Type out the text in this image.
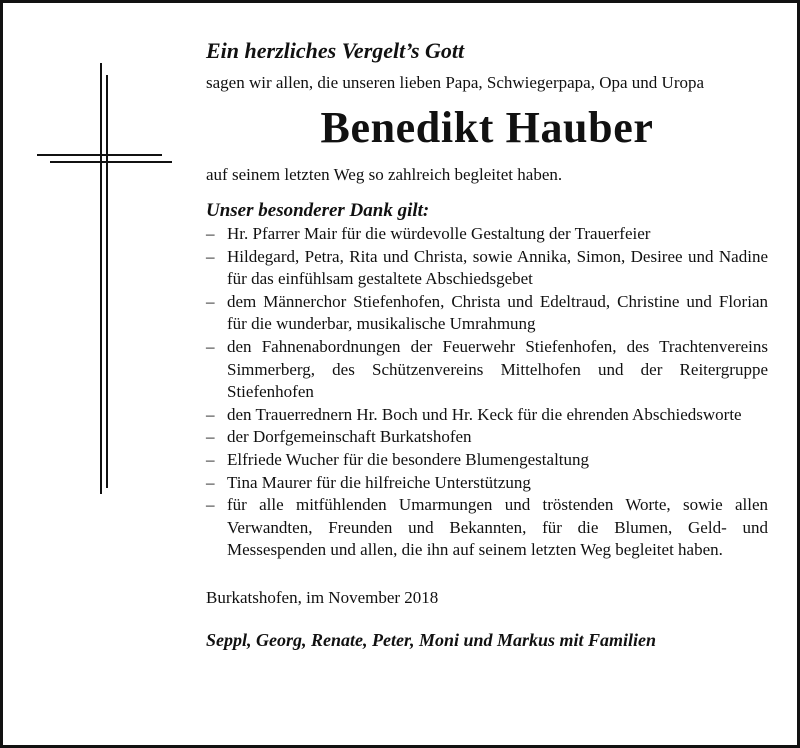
Ein herzliches Vergelt’s Gott

sagen wir allen, die unseren lieben Papa, Schwiegerpapa, Opa und Uropa

Benedikt Hauber

auf seinem letzten Weg so zahlreich begleitet haben.

Unser besonderer Dank gilt:

– Hr. Pfarrer Mair für die würdevolle Gestaltung der Trauerfeier
– Hildegard, Petra, Rita und Christa, sowie Annika, Simon, Desiree und Nadine für das einfühlsam gestaltete Abschiedsgebet
– dem Männerchor Stiefenhofen, Christa und Edeltraud, Christine und Florian für die wunderbar, musikalische Umrahmung
– den Fahnenabordnungen der Feuerwehr Stiefenhofen, des Trachtenvereins Simmerberg, des Schützenvereins Mittelhofen und der Reitergruppe Stiefenhofen
– den Trauerrednern Hr. Boch und Hr. Keck für die ehrenden Abschiedsworte
– der Dorfgemeinschaft Burkatshofen
– Elfriede Wucher für die besondere Blumengestaltung
– Tina Maurer für die hilfreiche Unterstützung
– für alle mitfühlenden Umarmungen und tröstenden Worte, sowie allen Verwandten, Freunden und Bekannten, für die Blumen, Geld- und Messespenden und allen, die ihn auf seinem letzten Weg begleitet haben.

Burkatshofen, im November 2018

Seppl, Georg, Renate, Peter, Moni und Markus mit Familien
